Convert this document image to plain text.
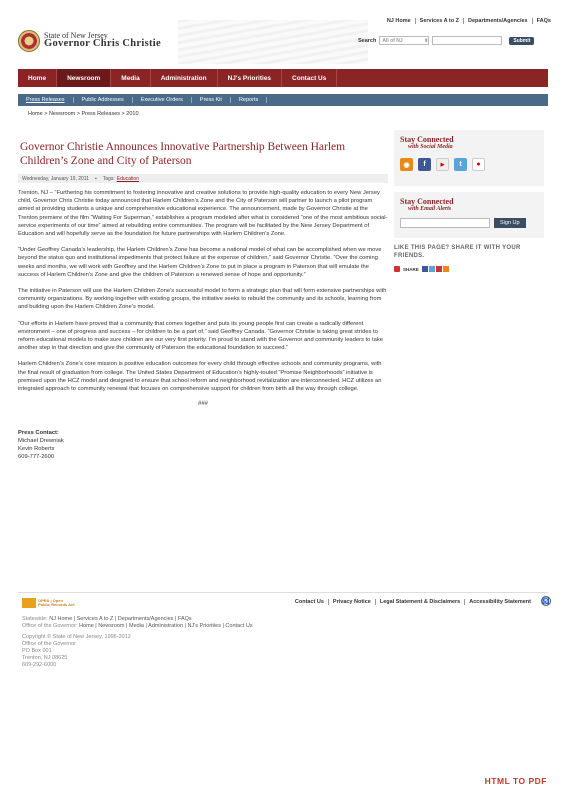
NJ Home	Services A to Z	Departments/Agencies	FAQs
State of New Jersey
Governor Chris Christie	Search All of NJ	⬍	Submit
Home	Newsroom	Media	Administration	NJ's Priorities	Contact Us
Press Releases	Public Addresses	Executive Orders	Press Kit	Reports
Home > Newsroom > Press Releases > 2010
Governor Christie Announces Innovative Partnership Between Harlem Children’s Zone and City of Paterson
Wednesday, January 19, 2011 ▪ Tags: Education

Trenton, NJ – “Furthering his commitment to fostering innovative and creative solutions to provide high-quality education to every New Jersey child, Governor Chris Christie today announced that Harlem Children’s Zone and the City of Paterson will partner to launch a pilot program aimed at providing students a unique and comprehensive educational experience. The announcement, made by Governor Christie at the Trenton premiere of the film “Waiting For Superman,” establishes a program modeled after what is considered “one of the most ambitious social-service experiments of our time” aimed at rebuilding entire communities. The program will be facilitated by the New Jersey Department of Education and will hopefully serve as the foundation for future partnerships with Harlem Children’s Zone.

“Under Geoffrey Canada’s leadership, the Harlem Children’s Zone has become a national model of what can be accomplished when we move beyond the status quo and institutional impediments that protect failure at the expense of children,” said Governor Christie. “Over the coming weeks and months, we will work with Geoffrey and the Harlem Children’s Zone to put in place a program in Paterson that will emulate the success of Harlem Children’s Zone and give the children of Paterson a renewed sense of hope and opportunity.”

The initiative in Paterson will use the Harlem Children Zone’s successful model to form a strategic plan that will form extensive partnerships with community organizations. By working together with existing groups, the initiative seeks to rebuild the community and its schools, learning from and building upon the Harlem Children Zone’s model.

“Our efforts in Harlem have proved that a community that comes together and puts its young people first can create a radically different environment – one of progress and success – for children to be a part of,” said Geoffrey Canada. “Governor Christie is taking great strides to reform educational models to make sure children are our very first priority. I’m proud to stand with the Governor and community leaders to take another step in that direction and give the community of Paterson the educational foundation to succeed.”

Harlem Children’s Zone’s core mission is positive education outcomes for every child through effective schools and community programs, with the final result of graduation from college. The United States Department of Education’s highly-touted “Promise Neighborhoods” initiative is premised upon the HCZ model and designed to ensure that school reform and neighborhood revitalization are interconnected. HCZ utilizes an integrated approach to community renewal that focuses on comprehensive support for children from birth all the way through college.

###
Press Contact:
Michael Drewniak
Kevin Roberts
609-777-2600
Stay Connected
with Social Media
◉	f	▶	t	●
Stay Connected
with Email Alerts
Sign Up
LIKE THIS PAGE? SHARE IT WITH YOUR FRIENDS.
SHARE
OPRA | Open
Public Records Act	Contact Us	Privacy Notice	Legal Statement & Disclaimers	Accessibility Statement	♿
Statewide: NJ Home | Services A to Z | Departments/Agencies | FAQs
Office of the Governor: Home | Newsroom | Media | Administration | NJ's Priorities | Contact Us
Copyright © State of New Jersey, 1996-2012
Office of the Governor
PO Box 001
Trenton, NJ 08625
609-292-6000
HTML TO PDF
